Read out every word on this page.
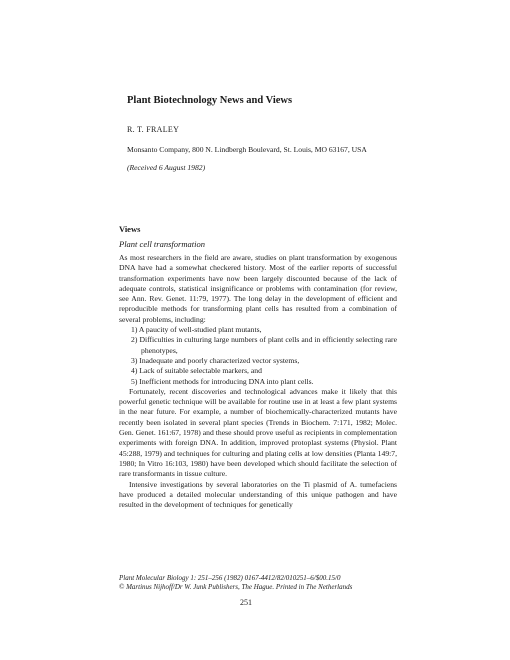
Plant Biotechnology News and Views
R. T. FRALEY
Monsanto Company, 800 N. Lindbergh Boulevard, St. Louis, MO 63167, USA
(Received 6 August 1982)
Views
Plant cell transformation

As most researchers in the field are aware, studies on plant transformation by exogenous DNA have had a somewhat checkered history. Most of the earlier reports of successful transformation experiments have now been largely discounted because of the lack of adequate controls, statistical insignificance or problems with contamination (for review, see Ann. Rev. Genet. 11:79, 1977). The long delay in the development of efficient and reproducible methods for transforming plant cells has resulted from a combination of several problems, including:

1) A paucity of well-studied plant mutants,
2) Difficulties in culturing large numbers of plant cells and in efficiently selecting rare phenotypes,
3) Inadequate and poorly characterized vector systems,
4) Lack of suitable selectable markers, and
5) Inefficient methods for introducing DNA into plant cells.

Fortunately, recent discoveries and technological advances make it likely that this powerful genetic technique will be available for routine use in at least a few plant systems in the near future. For example, a number of biochemically-characterized mutants have recently been isolated in several plant species (Trends in Biochem. 7:171, 1982; Molec. Gen. Genet. 161:67, 1978) and these should prove useful as recipients in complementation experiments with foreign DNA. In addition, improved protoplast systems (Physiol. Plant 45:288, 1979) and techniques for culturing and plating cells at low densities (Planta 149:7, 1980; In Vitro 16:103, 1980) have been developed which should facilitate the selection of rare transformants in tissue culture.

Intensive investigations by several laboratories on the Ti plasmid of A. tumefaciens have produced a detailed molecular understanding of this unique pathogen and have resulted in the development of techniques for genetically

Plant Molecular Biology 1: 251–256 (1982) 0167-4412/82/010251–6/$00.15/0
© Martinus Nijhoff/Dr W. Junk Publishers, The Hague. Printed in The Netherlands
251
